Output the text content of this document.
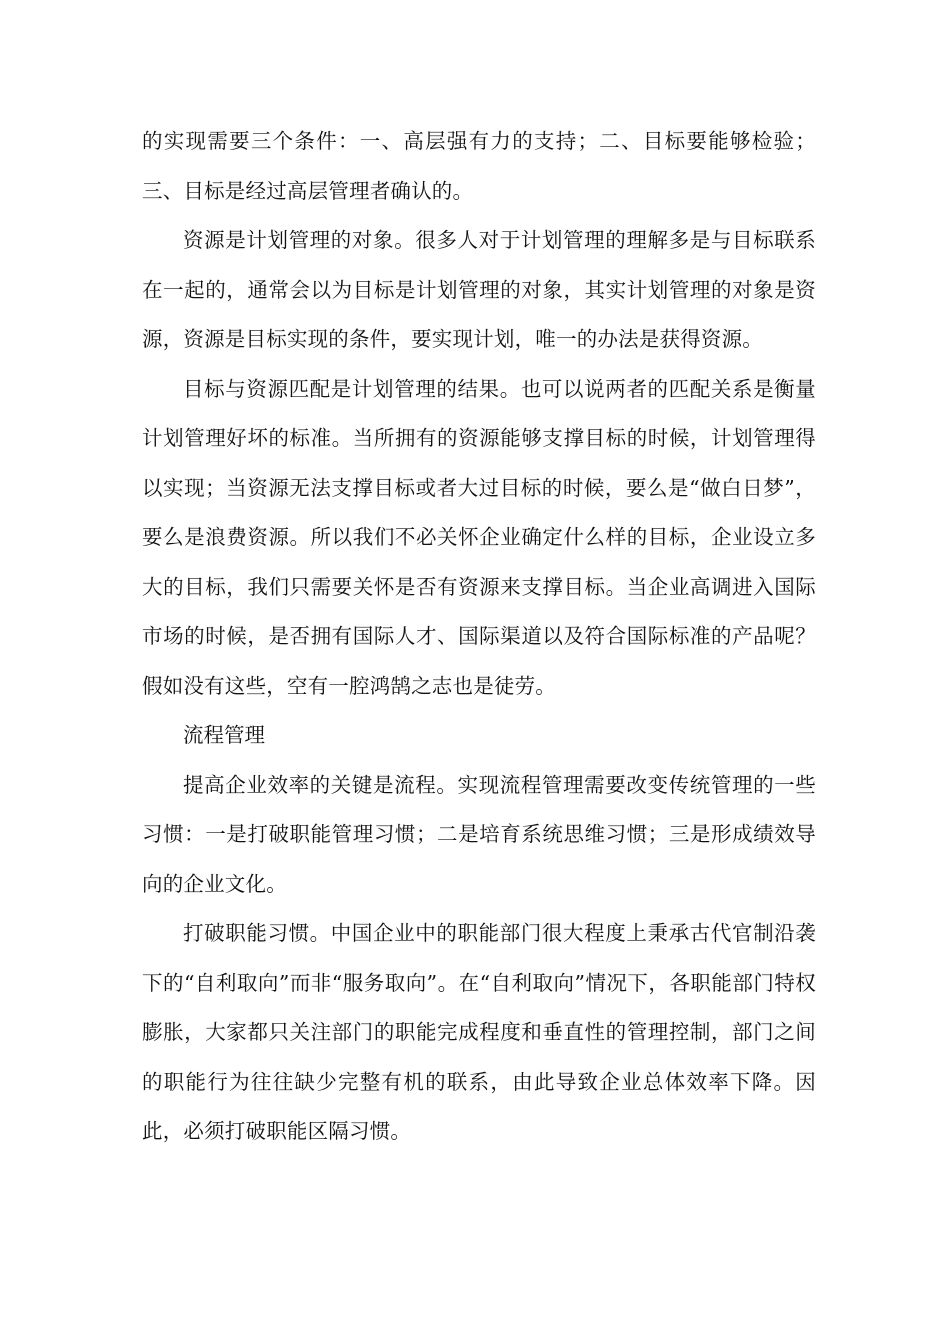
的实现需要三个条件：一、高层强有力的支持；二、目标要能够检验；三、目标是经过高层管理者确认的。

资源是计划管理的对象。很多人对于计划管理的理解多是与目标联系在一起的，通常会以为目标是计划管理的对象，其实计划管理的对象是资源，资源是目标实现的条件，要实现计划，唯一的办法是获得资源。

目标与资源匹配是计划管理的结果。也可以说两者的匹配关系是衡量计划管理好坏的标准。当所拥有的资源能够支撑目标的时候，计划管理得以实现；当资源无法支撑目标或者大过目标的时候，要么是“做白日梦”，要么是浪费资源。所以我们不必关怀企业确定什么样的目标，企业设立多大的目标，我们只需要关怀是否有资源来支撑目标。当企业高调进入国际市场的时候，是否拥有国际人才、国际渠道以及符合国际标准的产品呢？假如没有这些，空有一腔鸿鹄之志也是徒劳。

流程管理

提高企业效率的关键是流程。实现流程管理需要改变传统管理的一些习惯：一是打破职能管理习惯；二是培育系统思维习惯；三是形成绩效导向的企业文化。

打破职能习惯。中国企业中的职能部门很大程度上秉承古代官制沿袭下的“自利取向”而非“服务取向”。在“自利取向”情况下，各职能部门特权膨胀，大家都只关注部门的职能完成程度和垂直性的管理控制，部门之间的职能行为往往缺少完整有机的联系，由此导致企业总体效率下降。因此，必须打破职能区隔习惯。
